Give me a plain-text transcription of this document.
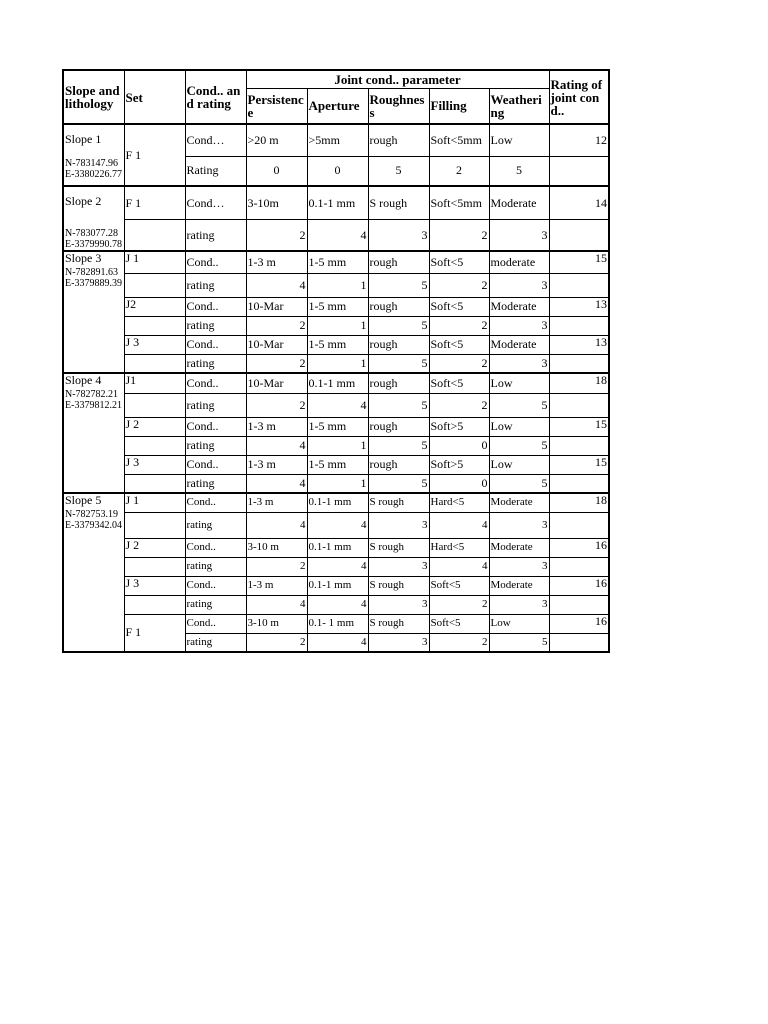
Slope and lithology	Set	Cond.. and rating	Joint cond.. parameter					Rating of joint cond..
			Persistence	Aperture	Roughness	Filling	Weathering	

Slope 1
N-783147.96
E-3380226.77	F 1	Cond…	>20 m	>5mm	rough	Soft<5mm	Low	12
		Rating	0	0	5	2	5	

Slope 2
N-783077.28
E-3379990.78	F 1	Cond…	3-10m	0.1-1 mm	S rough	Soft<5mm	Moderate	14
		rating	2	4	3	2	3	

Slope 3
N-782891.63
E-3379889.39	J 1	Cond..	1-3 m	1-5 mm	rough	Soft<5	moderate	15
		rating	4	1	5	2	3	
	J2	Cond..	10-Mar	1-5 mm	rough	Soft<5	Moderate	13
		rating	2	1	5	2	3	
	J 3	Cond..	10-Mar	1-5 mm	rough	Soft<5	Moderate	13
		rating	2	1	5	2	3	

Slope 4
N-782782.21
E-3379812.21	J1	Cond..	10-Mar	0.1-1 mm	rough	Soft<5	Low	18
		rating	2	4	5	2	5	
	J 2	Cond..	1-3 m	1-5 mm	rough	Soft>5	Low	15
		rating	4	1	5	0	5	
	J 3	Cond..	1-3 m	1-5 mm	rough	Soft>5	Low	15
		rating	4	1	5	0	5	

Slope 5
N-782753.19
E-3379342.04	J 1	Cond..	1-3 m	0.1-1 mm	S rough	Hard<5	Moderate	18
		rating	4	4	3	4	3	
	J 2	Cond..	3-10 m	0.1-1 mm	S rough	Hard<5	Moderate	16
		rating	2	4	3	4	3	
	J 3	Cond..	1-3 m	0.1-1 mm	S rough	Soft<5	Moderate	16
		rating	4	4	3	2	3	
	F 1	Cond..	3-10 m	0.1- 1 mm	S rough	Soft<5	Low	16
		rating	2	4	3	2	5	
